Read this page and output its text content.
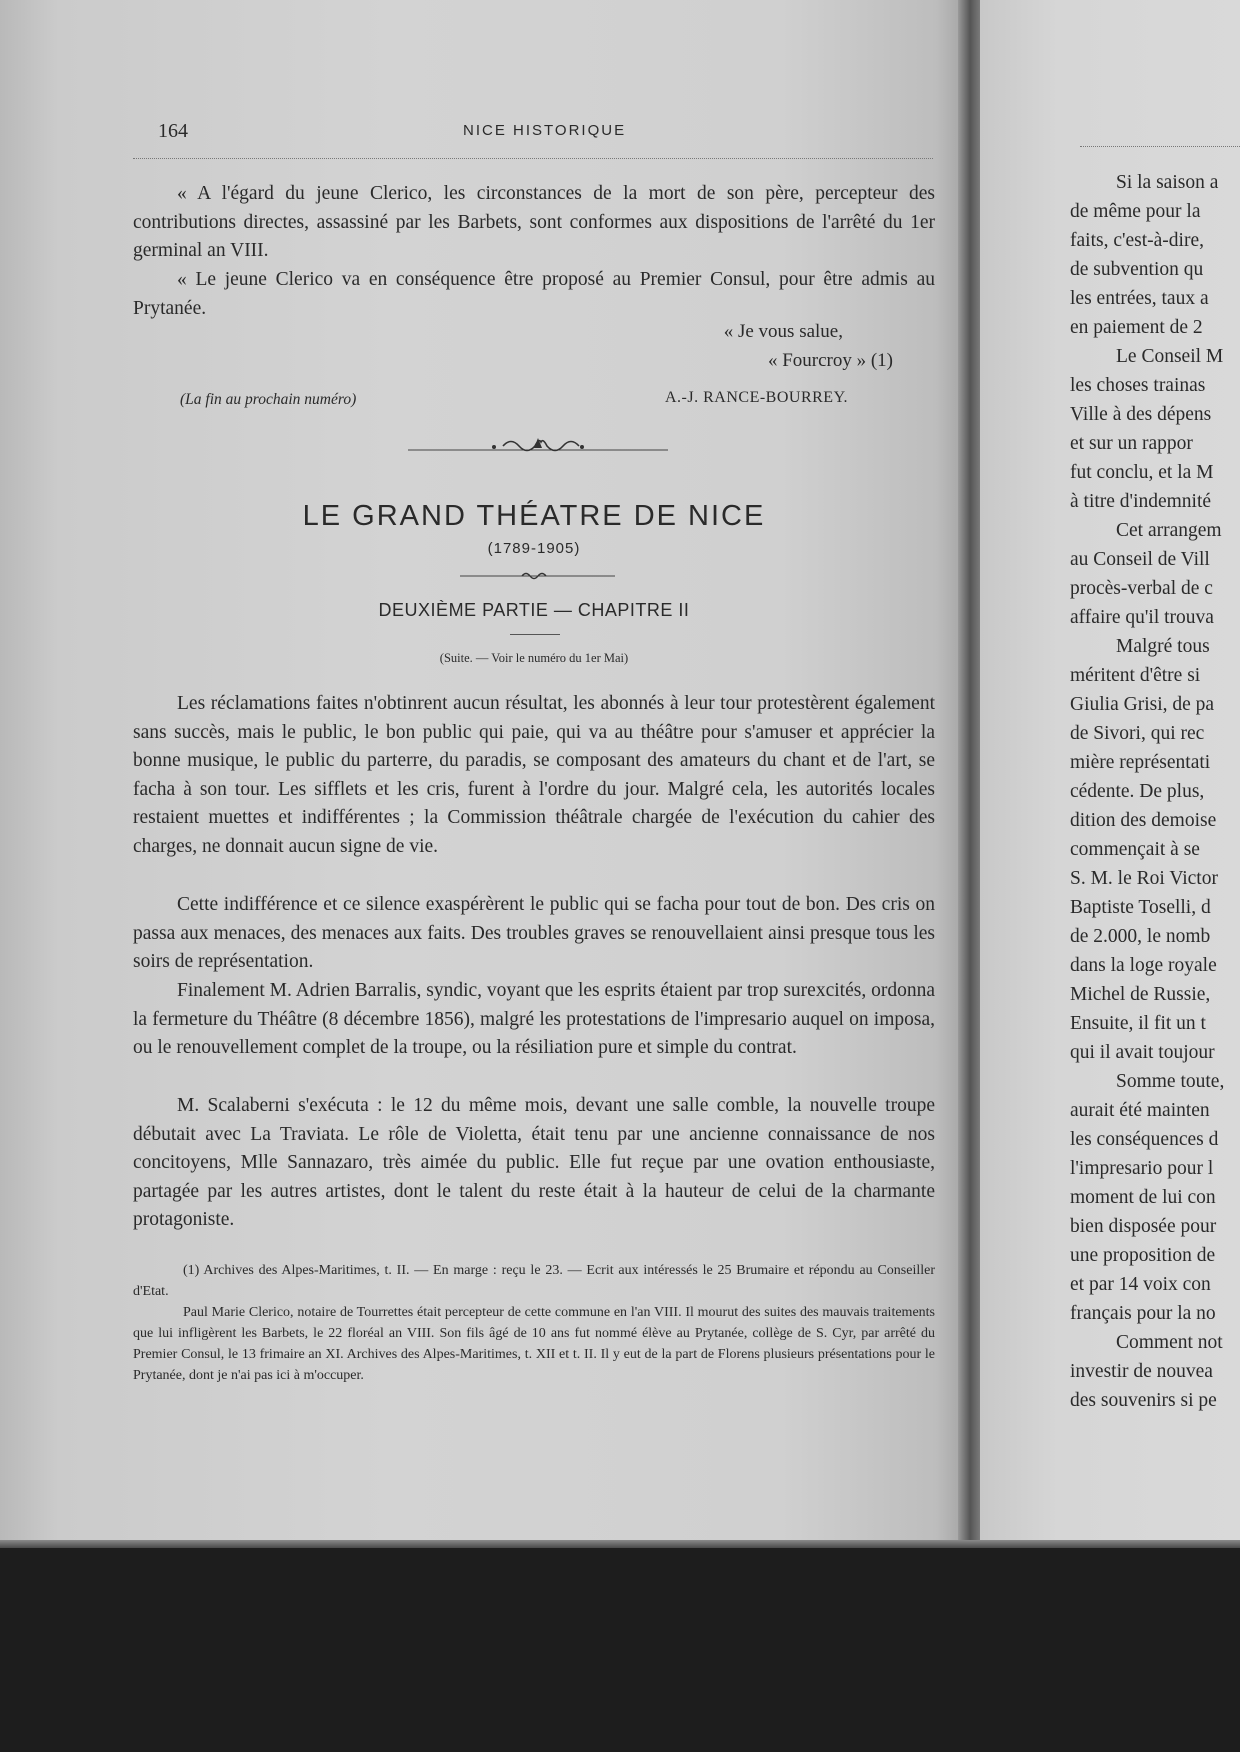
164	NICE HISTORIQUE

« A l'égard du jeune Clerico, les circonstances de la mort de son père, percepteur des contributions directes, assassiné par les Barbets, sont conformes aux dispositions de l'arrêté du 1er germinal an VIII.

« Le jeune Clerico va en conséquence être proposé au Premier Consul, pour être admis au Prytanée.

« Je vous salue,
« Fourcroy » (1)
(La fin au prochain numéro)	A.-J. RANCE-BOURREY.
LE GRAND THÉATRE DE NICE
(1789-1905)
DEUXIÈME PARTIE — CHAPITRE II
(Suite. — Voir le numéro du 1er Mai)

Les réclamations faites n'obtinrent aucun résultat, les abonnés à leur tour protestèrent également sans succès, mais le public, le bon public qui paie, qui va au théâtre pour s'amuser et apprécier la bonne musique, le public du parterre, du paradis, se composant des amateurs du chant et de l'art, se facha à son tour. Les sifflets et les cris, furent à l'ordre du jour. Malgré cela, les autorités locales restaient muettes et indifférentes ; la Commission théâtrale chargée de l'exécution du cahier des charges, ne donnait aucun signe de vie.

Cette indifférence et ce silence exaspérèrent le public qui se facha pour tout de bon. Des cris on passa aux menaces, des menaces aux faits. Des troubles graves se renouvellaient ainsi presque tous les soirs de représentation.

Finalement M. Adrien Barralis, syndic, voyant que les esprits étaient par trop surexcités, ordonna la fermeture du Théâtre (8 décembre 1856), malgré les protestations de l'impresario auquel on imposa, ou le renouvellement complet de la troupe, ou la résiliation pure et simple du contrat.

M. Scalaberni s'exécuta : le 12 du même mois, devant une salle comble, la nouvelle troupe débutait avec La Traviata. Le rôle de Violetta, était tenu par une ancienne connaissance de nos concitoyens, Mlle Sannazaro, très aimée du public. Elle fut reçue par une ovation enthousiaste, partagée par les autres artistes, dont le talent du reste était à la hauteur de celui de la charmante protagoniste.

(1) Archives des Alpes-Maritimes, t. II. — En marge : reçu le 23. — Ecrit aux intéressés le 25 Brumaire et répondu au Conseiller d'Etat.

Paul Marie Clerico, notaire de Tourrettes était percepteur de cette commune en l'an VIII. Il mourut des suites des mauvais traitements que lui infligèrent les Barbets, le 22 floréal an VIII. Son fils âgé de 10 ans fut nommé élève au Prytanée, collège de S. Cyr, par arrêté du Premier Consul, le 13 frimaire an XI. Archives des Alpes-Maritimes, t. XII et t. II. Il y eut de la part de Florens plusieurs présentations pour le Prytanée, dont je n'ai pas ici à m'occuper.

Si la saison a
de même pour la
faits, c'est-à-dire,
de subvention qu
les entrées, taux a
en paiement de 2
Le Conseil M
les choses trainas
Ville à des dépens
et sur un rappor
fut conclu, et la M
à titre d'indemnité
Cet arrangem
au Conseil de Vill
procès-verbal de c
affaire qu'il trouva
Malgré tous
méritent d'être si
Giulia Grisi, de pa
de Sivori, qui rec
mière représentati
cédente. De plus,
dition des demoise
commençait à se
S. M. le Roi Victor
Baptiste Toselli, d
de 2.000, le nomb
dans la loge royale
Michel de Russie,
Ensuite, il fit un t
qui il avait toujour
Somme toute,
aurait été mainten
les conséquences d
l'impresario pour l
moment de lui con
bien disposée pour
une proposition de
et par 14 voix con
français pour la no
Comment not
investir de nouvea
des souvenirs si pe
